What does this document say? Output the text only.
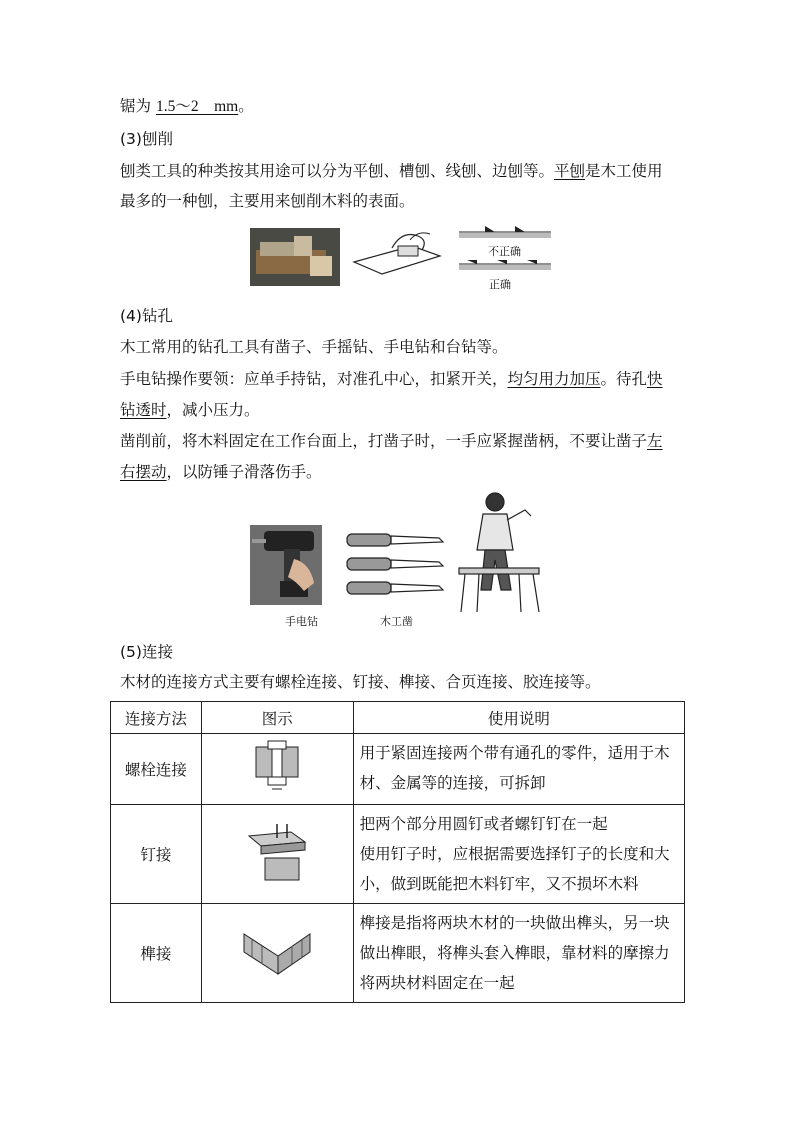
锯为 1.5～2　mm。
(3)刨削
刨类工具的种类按其用途可以分为平刨、槽刨、线刨、边刨等。平刨是木工使用
最多的一种刨，主要用来刨削木料的表面。
不正确
正确
(4)钻孔
木工常用的钻孔工具有凿子、手摇钻、手电钻和台钻等。
手电钻操作要领：应单手持钻，对准孔中心，扣紧开关，均匀用力加压。待孔快
钻透时，减小压力。
凿削前，将木料固定在工作台面上，打凿子时，一手应紧握凿柄，不要让凿子左
右摆动，以防锤子滑落伤手。
手电钻	木工凿
(5)连接
木材的连接方式主要有螺栓连接、钉接、榫接、合页连接、胶连接等。
连接方法	图示	使用说明
螺栓连接		用于紧固连接两个带有通孔的零件，适用于木材、金属等的连接，可拆卸
钉接		把两个部分用圆钉或者螺钉钉在一起
使用钉子时，应根据需要选择钉子的长度和大小，做到既能把木料钉牢，又不损坏木料

榫接		榫接是指将两块木材的一块做出榫头，另一块做出榫眼，将榫头套入榫眼，靠材料的摩擦力将两块材料固定在一起
